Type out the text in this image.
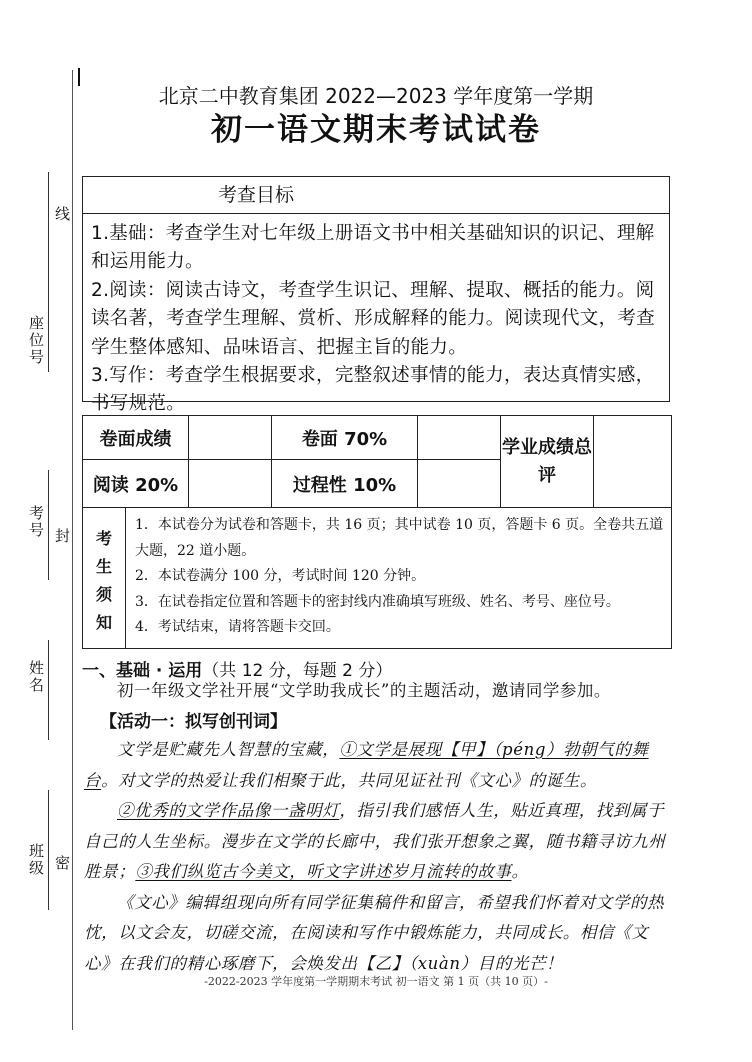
线
封
密
座位号
考号
姓名
班级
北京二中教育集团 2022—2023 学年度第一学期
初一语文期末考试试卷
考查目标

1.基础：考查学生对七年级上册语文书中相关基础知识的识记、理解和运用能力。

2.阅读：阅读古诗文，考查学生识记、理解、提取、概括的能力。阅读名著，考查学生理解、赏析、形成解释的能力。阅读现代文，考查学生整体感知、品味语言、把握主旨的能力。

3.写作：考查学生根据要求，完整叙述事情的能力，表达真情实感，书写规范。

卷面成绩		卷面 70%		学业成绩总评	
阅读 20%		过程性 10%			
考生须知

1．本试卷分为试卷和答题卡，共 16 页；其中试卷 10 页，答题卡 6 页。全卷共五道大题，22 道小题。

2．本试卷满分 100 分，考试时间 120 分钟。

3．在试卷指定位置和答题卡的密封线内准确填写班级、姓名、考号、座位号。

4．考试结束，请将答题卡交回。

一、基础 · 运用（共 12 分，每题 2 分）
初一年级文学社开展“文学助我成长”的主题活动，邀请同学参加。
【活动一：拟写创刊词】

文学是贮藏先人智慧的宝藏，①文学是展现【甲】（péng）勃朝气的舞台。对文学的热爱让我们相聚于此，共同见证社刊《文心》的诞生。

②优秀的文学作品像一盏明灯，指引我们感悟人生，贴近真理，找到属于自己的人生坐标。漫步在文学的长廊中，我们张开想象之翼，随书籍寻访九州胜景；③我们纵览古今美文，听文字讲述岁月流转的故事。

《文心》编辑组现向所有同学征集稿件和留言，希望我们怀着对文学的热忱，以文会友，切磋交流，在阅读和写作中锻炼能力，共同成长。相信《文心》在我们的精心琢磨下，会焕发出【乙】（xuàn）目的光芒！

-2022-2023 学年度第一学期期末考试 初一语文 第 1 页（共 10 页）-
